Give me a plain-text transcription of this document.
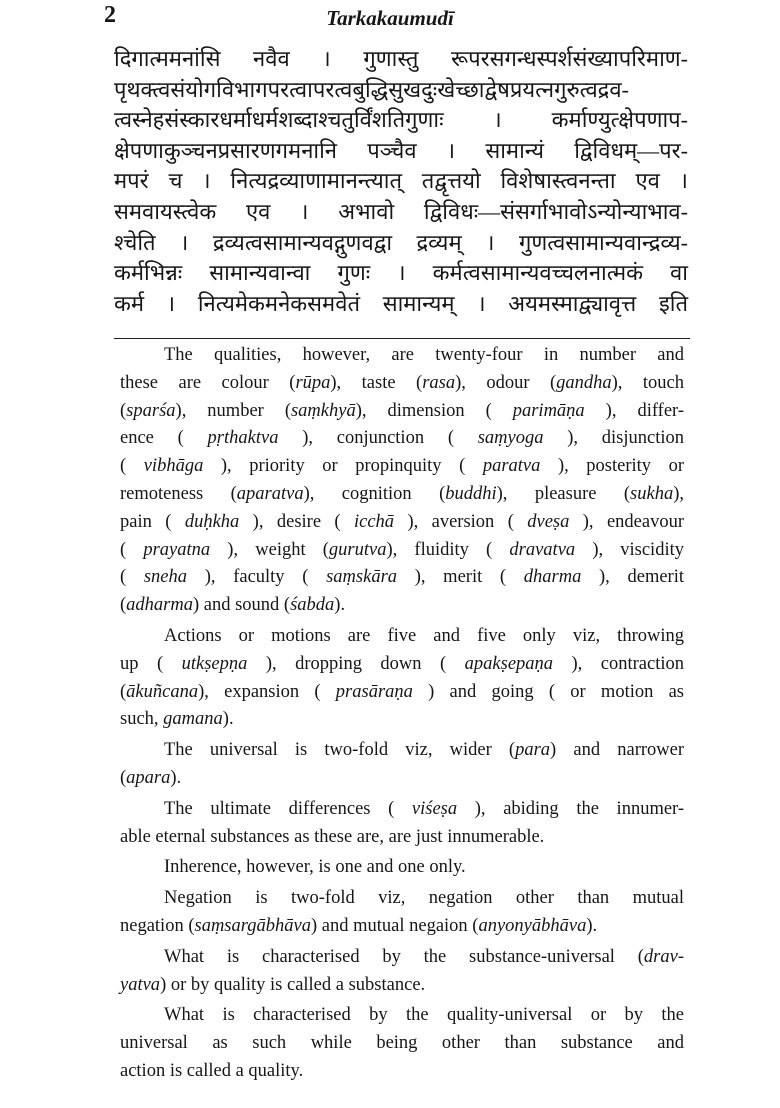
2	Tarkakaumudī
दिगात्ममनांसि नवैव । गुणास्तु रूपरसगन्धस्पर्शसंख्यापरिमाण-
पृथक्त्वसंयोगविभागपरत्वापरत्वबुद्धिसुखदुःखेच्छाद्वेषप्रयत्नगुरुत्वद्रव-
त्वस्नेहसंस्कारधर्माधर्मशब्दाश्चतुर्विंशतिगुणाः । कर्माण्युत्क्षेपणाप-
क्षेपणाकुञ्चनप्रसारणगमनानि पञ्चैव । सामान्यं द्विविधम्—पर-
मपरं च । नित्यद्रव्याणामानन्त्यात् तद्वृत्तयो विशेषास्त्वनन्ता एव ।
समवायस्त्वेक एव । अभावो द्विविधः—संसर्गाभावोऽन्योन्याभाव-
श्चेति । द्रव्यत्वसामान्यवद्गुणवद्वा द्रव्यम् । गुणत्वसामान्यवान्द्रव्य-
कर्मभिन्नः सामान्यवान्वा गुणः । कर्मत्वसामान्यवच्चलनात्मकं वा
कर्म । नित्यमेकमनेकसमवेतं सामान्यम् । अयमस्माद्व्यावृत्त इति
The qualities, however, are twenty-four in number and
these are colour (rūpa), taste (rasa), odour (gandha), touch
(sparśa), number (saṃkhyā), dimension ( parimāṇa ), differ-
ence ( pṛthaktva ), conjunction ( saṃyoga ), disjunction
( vibhāga ), priority or propinquity ( paratva ), posterity or
remoteness (aparatva), cognition (buddhi), pleasure (sukha),
pain ( duḥkha ), desire ( icchā ), aversion ( dveṣa ), endeavour
( prayatna ), weight (gurutva), fluidity ( dravatva ), viscidity
( sneha ), faculty ( saṃskāra ), merit ( dharma ), demerit
(adharma) and sound (śabda).
Actions or motions are five and five only viz, throwing
up ( utkṣepṇa ), dropping down ( apakṣepaṇa ), contraction
(ākuñcana), expansion ( prasāraṇa ) and going ( or motion as
such, gamana).
The universal is two-fold viz, wider (para) and narrower
(apara).
The ultimate differences ( viśeṣa ), abiding the innumer-
able eternal substances as these are, are just innumerable.
Inherence, however, is one and one only.
Negation is two-fold viz, negation other than mutual
negation (saṃsargābhāva) and mutual negaion (anyonyābhāva).
What is characterised by the substance-universal (drav-
yatva) or by quality is called a substance.
What is characterised by the quality-universal or by the
universal as such while being other than substance and
action is called a quality.
